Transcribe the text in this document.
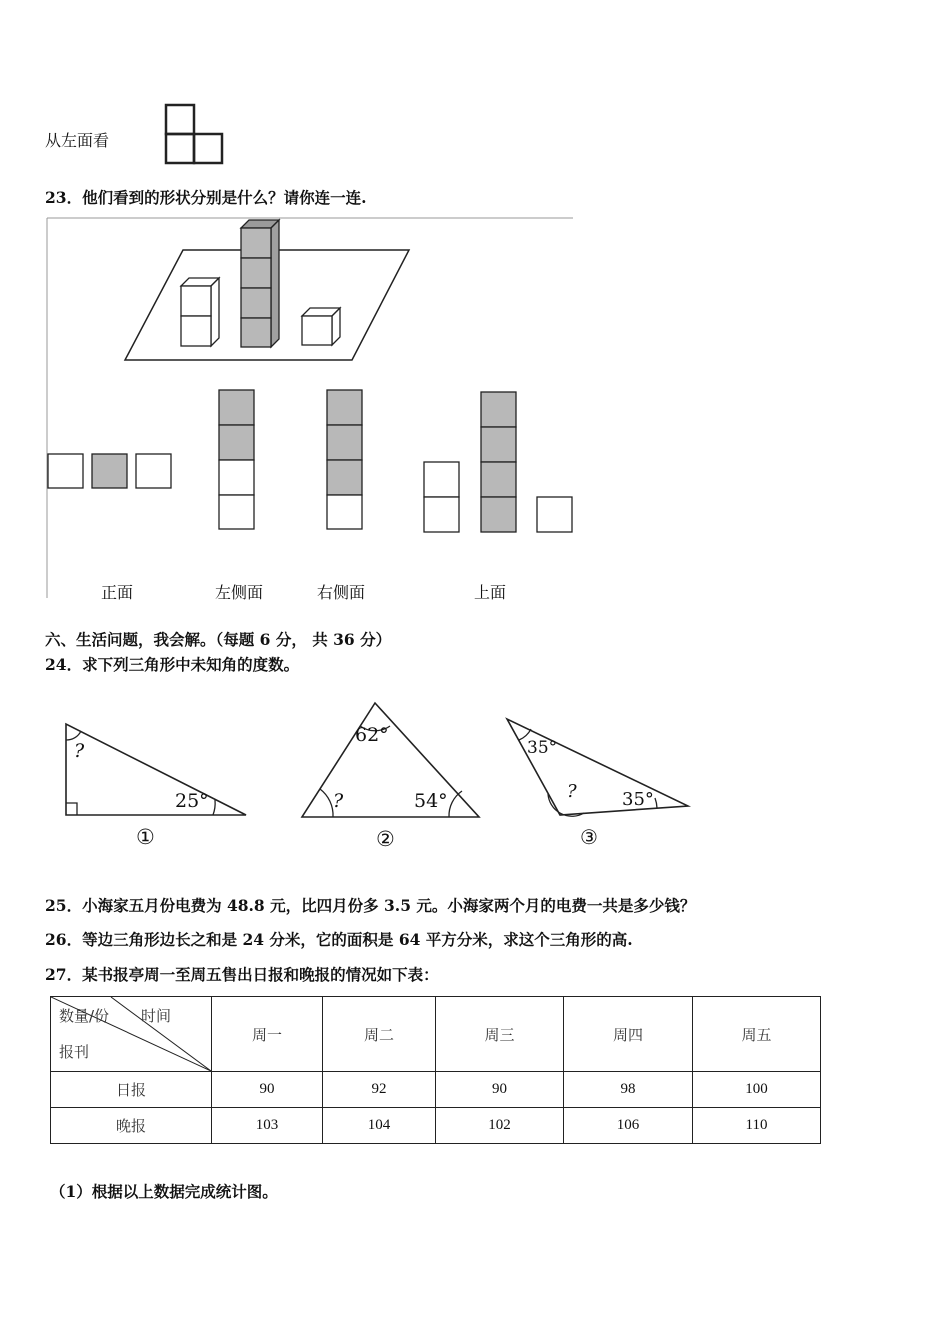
从左面看
23．他们看到的形状分别是什么？请你连一连.
正面	左侧面	右侧面	上面
六、生活问题，我会解。（每题 6 分， 共 36 分）
24．求下列三角形中未知角的度数。
?
25°
①
62°
?	54°
②
35°
?	35°
③
25．小海家五月份电费为 48.8 元，比四月份多 3.5 元。小海家两个月的电费一共是多少钱？
26．等边三角形边长之和是 24 分米，它的面积是 64 平方分米，求这个三角形的高.
27．某书报亭周一至周五售出日报和晚报的情况如下表：
数量/份 时间
报刊	周一	周二	周三	周四	周五
日报	90	92	90	98	100
晚报	103	104	102	106	110
（1）根据以上数据完成统计图。
